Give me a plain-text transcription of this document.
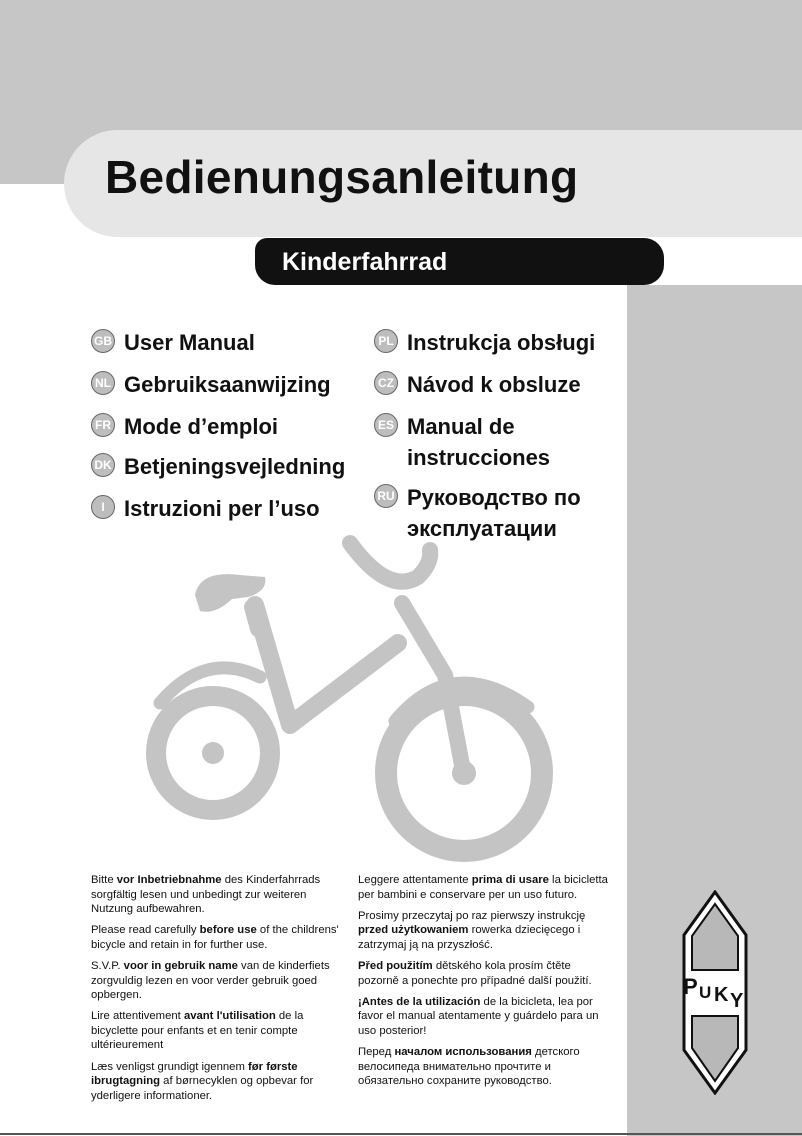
Bedienungsanleitung
Kinderfahrrad
GB User Manual
NL Gebruiksaanwijzing
FR Mode d’emploi
DK Betjeningsvejledning
I Istruzioni per l’uso
PL Instrukcja obsługi
CZ Návod k obsluze
ES Manual de instrucciones
RU Руководство по эксплуатации

Bitte vor Inbetriebnahme des Kinderfahrrads sorgfältig lesen und unbedingt zur weiteren Nutzung aufbewahren.

Please read carefully before use of the childrens' bicycle and retain in for further use.

S.V.P. voor in gebruik name van de kinderfiets zorgvuldig lezen en voor verder gebruik goed opbergen.

Lire attentivement avant l'utilisation de la bicyclette pour enfants et en tenir compte ultérieurement

Læs venligst grundigt igennem før første ibrugtagning af børnecyklen og opbevar for yderligere informationer.

Leggere attentamente prima di usare la bicicletta per bambini e conservare per un uso futuro.

Prosimy przeczytaj po raz pierwszy instrukcję przed użytkowaniem rowerka dziecięcego i zatrzymaj ją na przyszłość.

Před použitím dětského kola prosím čtěte pozorně a ponechte pro případné další použití.

¡Antes de la utilización de la bicicleta, lea por favor el manual atentamente y guárdelo para un uso posterior!

Перед началом использования детского велосипеда внимательно прочтите и обязательно сохраните руководство.

P U K Y
